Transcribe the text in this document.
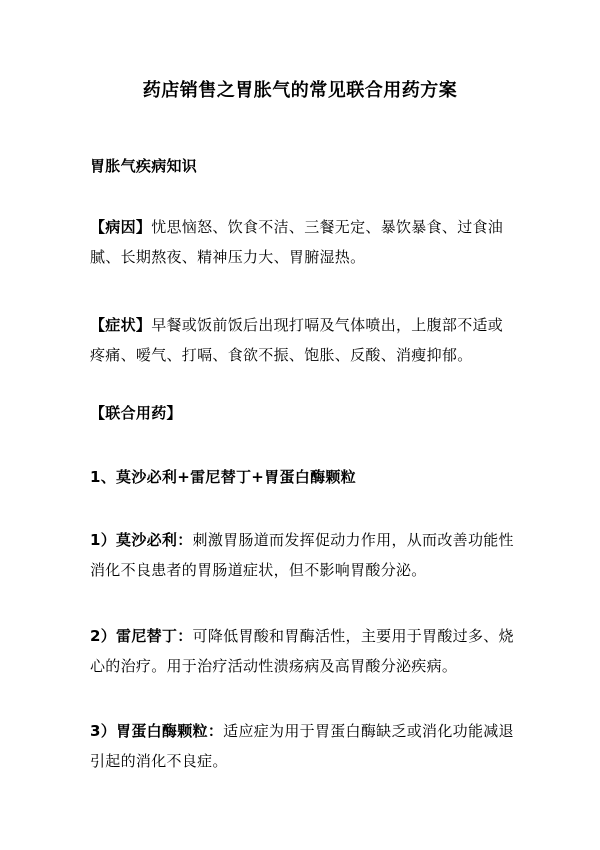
药店销售之胃胀气的常见联合用药方案
胃胀气疾病知识
【病因】忧思恼怒、饮食不洁、三餐无定、暴饮暴食、过食油腻、长期熬夜、精神压力大、胃腑湿热。
【症状】早餐或饭前饭后出现打嗝及气体喷出，上腹部不适或疼痛、嗳气、打嗝、食欲不振、饱胀、反酸、消瘦抑郁。
【联合用药】
1、莫沙必利+雷尼替丁+胃蛋白酶颗粒
1）莫沙必利：刺激胃肠道而发挥促动力作用，从而改善功能性消化不良患者的胃肠道症状，但不影响胃酸分泌。
2）雷尼替丁：可降低胃酸和胃酶活性，主要用于胃酸过多、烧心的治疗。用于治疗活动性溃疡病及高胃酸分泌疾病。
3）胃蛋白酶颗粒：适应症为用于胃蛋白酶缺乏或消化功能减退引起的消化不良症。
